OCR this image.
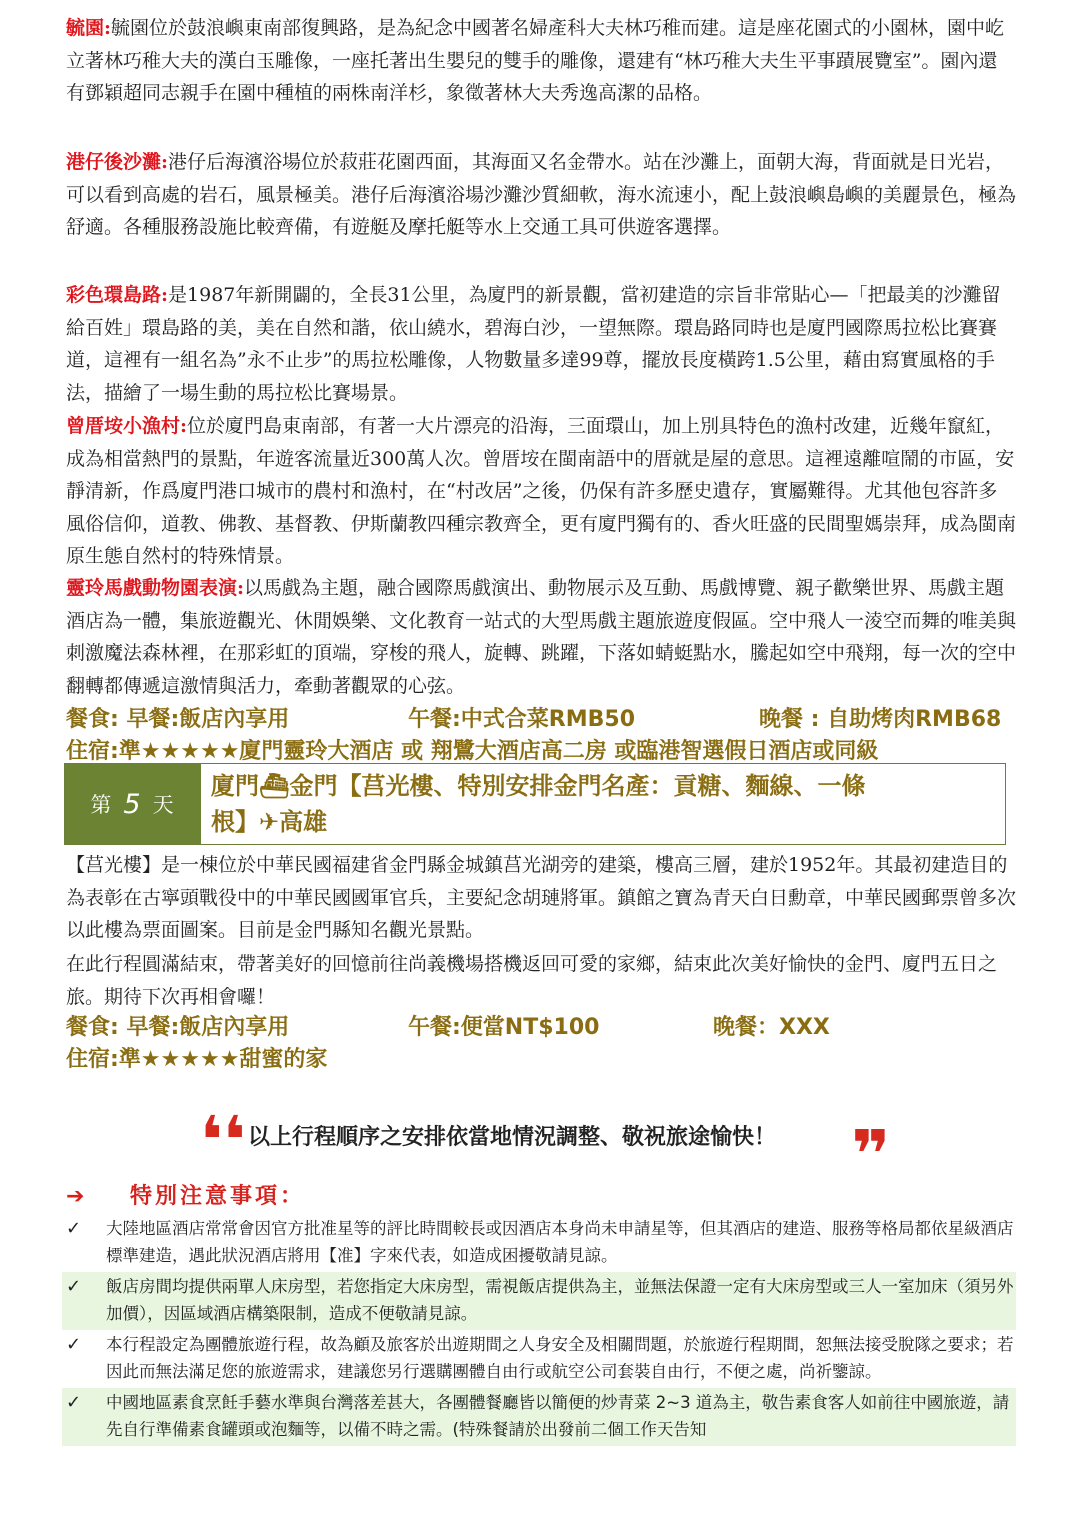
毓園:毓園位於鼓浪嶼東南部復興路，是為紀念中國著名婦產科大夫林巧稚而建。這是座花園式的小園林，園中屹立著林巧稚大夫的漢白玉雕像，一座托著出生嬰兒的雙手的雕像，還建有“林巧稚大夫生平事蹟展覽室”。園內還有鄧穎超同志親手在園中種植的兩株南洋杉，象徵著林大夫秀逸高潔的品格。

港仔後沙灘:港仔后海濱浴場位於菽莊花園西面，其海面又名金帶水。站在沙灘上，面朝大海，背面就是日光岩，可以看到高處的岩石，風景極美。港仔后海濱浴場沙灘沙質細軟，海水流速小，配上鼓浪嶼島嶼的美麗景色，極為舒適。各種服務設施比較齊備，有遊艇及摩托艇等水上交通工具可供遊客選擇。

彩色環島路:是1987年新開闢的，全長31公里，為廈門的新景觀，當初建造的宗旨非常貼心—「把最美的沙灘留給百姓」環島路的美，美在自然和諧，依山繞水，碧海白沙，一望無際。環島路同時也是廈門國際馬拉松比賽賽道，這裡有一組名為”永不止步”的馬拉松雕像，人物數量多達99尊，擺放長度橫跨1.5公里，藉由寫實風格的手法，描繪了一場生動的馬拉松比賽場景。

曾厝垵小漁村:位於廈門島東南部，有著一大片漂亮的沿海，三面環山，加上別具特色的漁村改建，近幾年竄紅，成為相當熱門的景點，年遊客流量近300萬人次。曾厝垵在閩南語中的厝就是屋的意思。這裡遠離喧鬧的市區，安靜清新，作爲廈門港口城市的農村和漁村，在“村改居”之後，仍保有許多歷史遺存，實屬難得。尤其他包容許多風俗信仰，道教、佛教、基督教、伊斯蘭教四種宗教齊全，更有廈門獨有的、香火旺盛的民間聖媽崇拜，成為閩南原生態自然村的特殊情景。

靈玲馬戲動物園表演:以馬戲為主題，融合國際馬戲演出、動物展示及互動、馬戲博覽、親子歡樂世界、馬戲主題酒店為一體，集旅遊觀光、休閒娛樂、文化教育一站式的大型馬戲主題旅遊度假區。空中飛人一淩空而舞的唯美與刺激魔法森林裡，在那彩虹的頂端，穿梭的飛人，旋轉、跳躍，下落如蜻蜓點水，騰起如空中飛翔，每一次的空中翻轉都傳遞這激情與活力，牽動著觀眾的心弦。

餐食: 早餐:飯店內享用	午餐:中式合菜RMB50	晚餐 : 自助烤肉RMB68
住宿:準★★★★★廈門靈玲大酒店 或 翔鷺大酒店高二房 或臨港智選假日酒店或同級
第 5 天
廈門⛴金門【莒光樓、特別安排金門名產：貢糖、麵線、一條
根】✈高雄

【莒光樓】是一棟位於中華民國福建省金門縣金城鎮莒光湖旁的建築，樓高三層，建於1952年。其最初建造目的為表彰在古寧頭戰役中的中華民國國軍官兵，主要紀念胡璉將軍。鎮館之寶為青天白日勳章，中華民國郵票曾多次以此樓為票面圖案。目前是金門縣知名觀光景點。

在此行程圓滿結束，帶著美好的回憶前往尚義機場搭機返回可愛的家鄉，結束此次美好愉快的金門、廈門五日之旅。期待下次再相會囉！

餐食: 早餐:飯店內享用	午餐:便當NT$100	晚餐：XXX
住宿:準★★★★★甜蜜的家
❛❛ 以上行程順序之安排依當地情況調整、敬祝旅途愉快！ ❞
➔ 特別注意事項：
✓ 大陸地區酒店常常會因官方批准星等的評比時間較長或因酒店本身尚未申請星等，但其酒店的建造、服務等格局都依星級酒店標準建造，遇此狀況酒店將用【准】字來代表，如造成困擾敬請見諒。
✓ 飯店房間均提供兩單人床房型，若您指定大床房型，需視飯店提供為主，並無法保證一定有大床房型或三人一室加床（須另外加價），因區域酒店構築限制，造成不便敬請見諒。
✓ 本行程設定為團體旅遊行程，故為顧及旅客於出遊期間之人身安全及相關問題，於旅遊行程期間，恕無法接受脫隊之要求；若因此而無法滿足您的旅遊需求，建議您另行選購團體自由行或航空公司套裝自由行，不便之處，尚祈鑒諒。
✓ 中國地區素食烹飪手藝水準與台灣落差甚大，各團體餐廳皆以簡便的炒青菜 2~3 道為主，敬告素食客人如前往中國旅遊，請先自行準備素食罐頭或泡麵等，以備不時之需。(特殊餐請於出發前二個工作天告知
